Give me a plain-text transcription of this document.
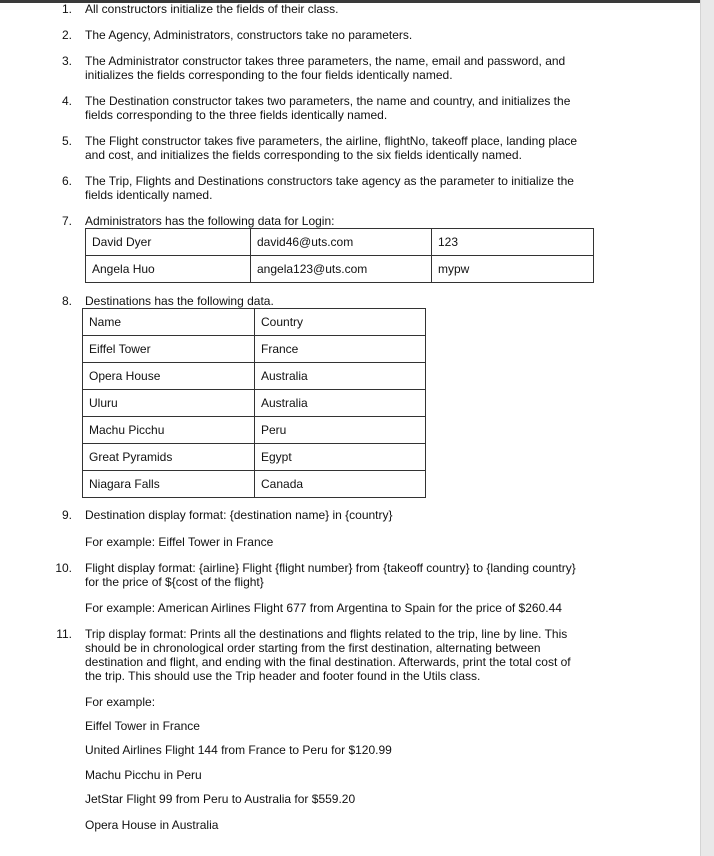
1. All constructors initialize the fields of their class.
2. The Agency, Administrators, constructors take no parameters.
3. The Administrator constructor takes three parameters, the name, email and password, and initializes the fields corresponding to the four fields identically named.
4. The Destination constructor takes two parameters, the name and country, and initializes the fields corresponding to the three fields identically named.
5. The Flight constructor takes five parameters, the airline, flightNo, takeoff place, landing place and cost, and initializes the fields corresponding to the six fields identically named.
6. The Trip, Flights and Destinations constructors take agency as the parameter to initialize the fields identically named.
7. Administrators has the following data for Login:
David Dyer	david46@uts.com	123
Angela Huo	angela123@uts.com	mypw
8. Destinations has the following data.
Name	Country
Eiffel Tower	France
Opera House	Australia
Uluru	Australia
Machu Picchu	Peru
Great Pyramids	Egypt
Niagara Falls	Canada
9. Destination display format: {destination name} in {country}
For example: Eiffel Tower in France
10. Flight display format: {airline} Flight {flight number} from {takeoff country} to {landing country} for the price of ${cost of the flight}
For example: American Airlines Flight 677 from Argentina to Spain for the price of $260.44
11. Trip display format: Prints all the destinations and flights related to the trip, line by line. This should be in chronological order starting from the first destination, alternating between destination and flight, and ending with the final destination. Afterwards, print the total cost of the trip. This should use the Trip header and footer found in the Utils class.
For example:
Eiffel Tower in France
United Airlines Flight 144 from France to Peru for $120.99
Machu Picchu in Peru
JetStar Flight 99 from Peru to Australia for $559.20
Opera House in Australia
